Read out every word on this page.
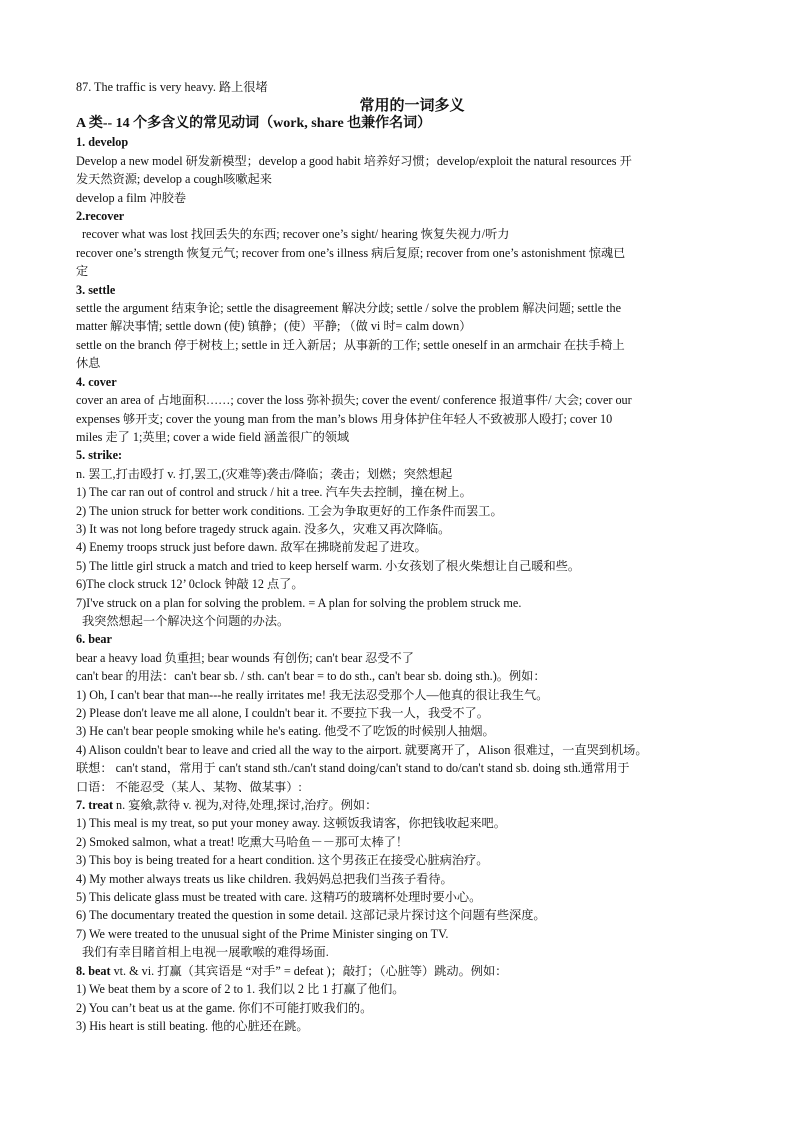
87. The traffic is very heavy. 路上很堵
常用的一词多义
A 类-- 14 个多含义的常见动词（work, share 也兼作名词）
1. develop
Develop a new model 研发新模型；develop a good habit 培养好习惯；develop/exploit the natural resources 开
发天然资源; develop a cough咳嗽起来
develop a film 冲胶卷
2.recover
recover what was lost 找回丢失的东西; recover one’s sight/ hearing 恢复失视力/听力
recover one’s strength 恢复元气; recover from one’s illness 病后复原; recover from one’s astonishment 惊魂已
定
3. settle
settle the argument 结束争论; settle the disagreement 解决分歧; settle / solve the problem 解决问题; settle the
matter 解决事情; settle down (使) 镇静；(使）平静; （做 vi 时= calm down）
settle on the branch 停于树枝上; settle in 迁入新居；从事新的工作; settle oneself in an armchair 在扶手椅上
休息
4. cover
cover an area of 占地面积……; cover the loss 弥补损失; cover the event/ conference 报道事件/ 大会; cover our
expenses 够开支; cover the young man from the man’s blows 用身体护住年轻人不致被那人殴打; cover 10
miles 走了 1;英里; cover a wide field 涵盖很广的领域
5. strike:
n. 罢工,打击殴打 v. 打,罢工,(灾难等)袭击/降临；袭击；划燃；突然想起
1) The car ran out of control and struck / hit a tree. 汽车失去控制，撞在树上。
2) The union struck for better work conditions. 工会为争取更好的工作条件而罢工。
3) It was not long before tragedy struck again. 没多久，灾难又再次降临。
4) Enemy troops struck just before dawn. 敌军在拂晓前发起了进攻。
5) The little girl struck a match and tried to keep herself warm. 小女孩划了根火柴想让自己暖和些。
6)The clock struck 12’ 0clock 钟敲 12 点了。
7)I've struck on a plan for solving the problem. = A plan for solving the problem struck me.
我突然想起一个解决这个问题的办法。
6. bear
bear a heavy load 负重担; bear wounds 有创伤; can't bear 忍受不了
can't bear 的用法：can't bear sb. / sth. can't bear = to do sth., can't bear sb. doing sth.)。例如：
1) Oh, I can't bear that man---he really irritates me! 我无法忍受那个人—他真的很让我生气。
2) Please don't leave me all alone, I couldn't bear it. 不要拉下我一人，我受不了。
3) He can't bear people smoking while he's eating. 他受不了吃饭的时候别人抽烟。
4) Alison couldn't bear to leave and cried all the way to the airport. 就要离开了，Alison 很难过，一直哭到机场。
联想： can't stand，常用于 can't stand sth./can't stand doing/can't stand to do/can't stand sb. doing sth.通常用于
口语： 不能忍受（某人、某物、做某事）:
7. treat n. 宴飨,款待 v. 视为,对待,处理,探讨,治疗。例如：
1) This meal is my treat, so put your money away. 这顿饭我请客，你把钱收起来吧。
2) Smoked salmon, what a treat! 吃熏大马哈鱼－－那可太棒了！
3) This boy is being treated for a heart condition. 这个男孩正在接受心脏病治疗。
4) My mother always treats us like children. 我妈妈总把我们当孩子看待。
5) This delicate glass must be treated with care. 这精巧的玻璃杯处理时要小心。
6) The documentary treated the question in some detail. 这部记录片探讨这个问题有些深度。
7) We were treated to the unusual sight of the Prime Minister singing on TV.
我们有幸目睹首相上电视一展歌喉的难得场面.
8. beat vt. & vi. 打赢（其宾语是 “对手” = defeat )；敲打；（心脏等）跳动。例如：
1) We beat them by a score of 2 to 1. 我们以 2 比 1 打赢了他们。
2) You can’t beat us at the game. 你们不可能打败我们的。
3) His heart is still beating. 他的心脏还在跳。
